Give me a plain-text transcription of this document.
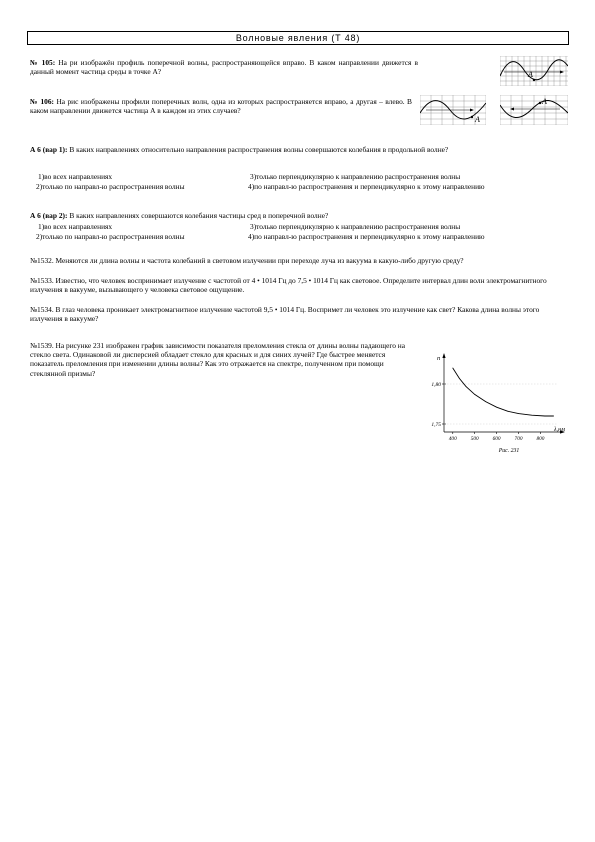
Волновые явления (Т 48)
№ 105: На ри изображён профиль поперечной волны, распространяющейся вправо. В каком направлении движется в данный момент частица среды в точке А?	A
№ 106: На рис изображены профили поперечных волн, одна из которых распространяется вправо, а другая – влево. В каком направлении движется частица А в каждом из этих случаев?
A
A
А 6 (вар 1): В каких направлениях относительно направления распространения волны совершаются колебания в продольной волне?
1)во всех направлениях	3)только перпендикулярно к направлению распространения волны
2)только по направл-ю распространения волны	4)по направл-ю распространения и перпендикулярно к этому направлению
А 6 (вар 2): В каких направлениях совершаются колебания частицы сред в поперечной волне?
1)во всех направлениях	3)только перпендикулярно к направлению распространения волны
2)только по направл-ю распространения волны	4)по направл-ю распространения и перпендикулярно к этому направлению
№1532. Меняются ли длина волны и частота колебаний в световом излучении при переходе луча из вакуума в какую-либо другую среду?
№1533. Известно, что человек воспринимает излучение с частотой от 4 • 1014 Гц до 7,5 • 1014 Гц как световое. Определите интервал длин волн электромагнитного излучения в вакууме, вызывающего у человека световое ощущение.
№1534. В глаз человека проникает электромагнитное излучение частотой 9,5 • 1014 Гц. Воспримет ли человек это излучение как свет? Какова длина волны этого излучения в вакууме?
№1539. На рисунке 231 изображен график зависимости показателя преломления стекла от длины волны падающего на стекло света. Одинаковой ли дисперсией обладает стекло для красных и для синих лучей? Где быстрее меняется показатель преломления при изменении длины волны? Как это отражается на спектре, полученном при помощи стеклянной призмы?
n
λ,нм
1,80
1,75
400	500	600	700	800
Рис. 231
